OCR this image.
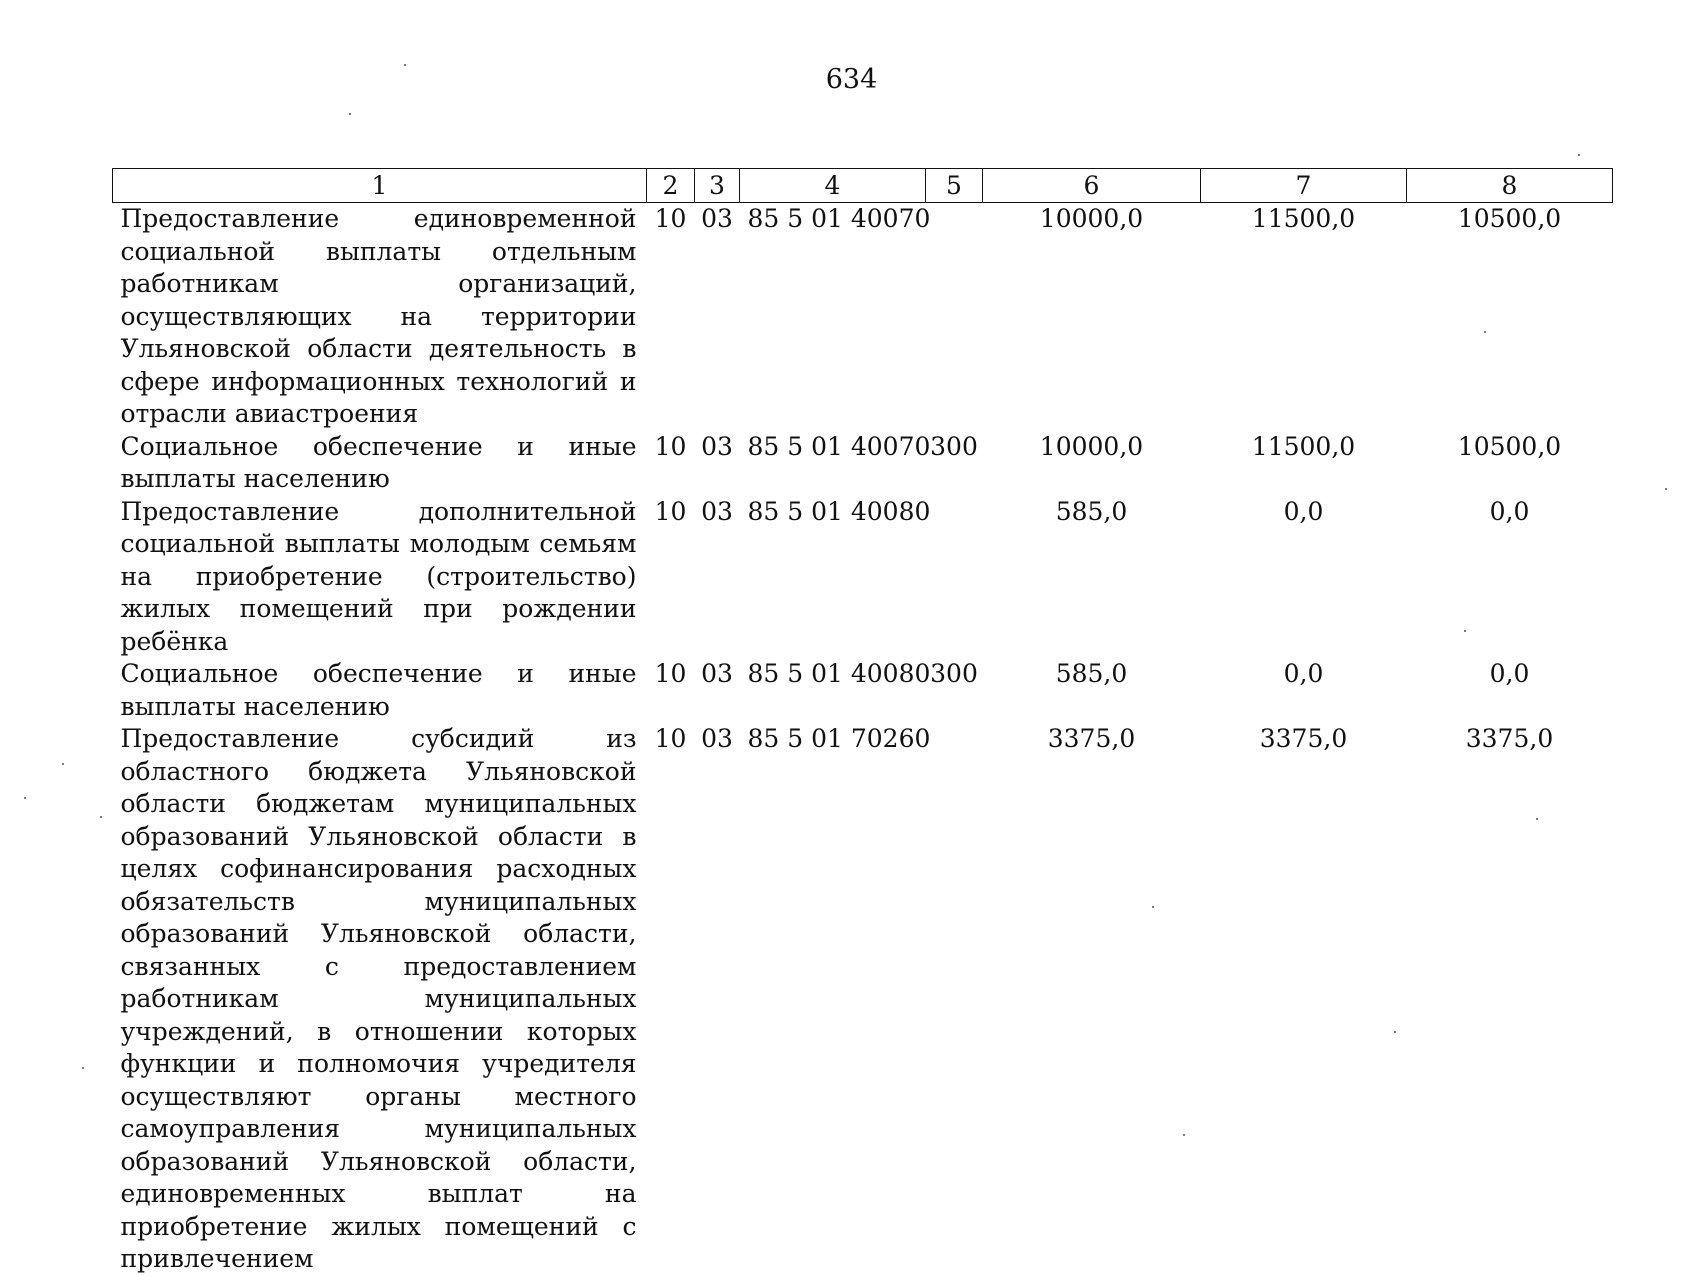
634
1	2	3	4	5	6	7	8
Предоставление единовременной социальной выплаты отдельным работникам организаций, осуществляющих на территории Ульяновской области деятельность в сфере информационных технологий и отрасли авиастроения	10	03	85 5 01 40070		10000,0	11500,0	10500,0
Социальное обеспечение и иные выплаты населению	10	03	85 5 01 40070	300	10000,0	11500,0	10500,0
Предоставление дополнительной социальной выплаты молодым семьям на приобретение (строительство) жилых помещений при рождении ребёнка	10	03	85 5 01 40080		585,0	0,0	0,0
Социальное обеспечение и иные выплаты населению	10	03	85 5 01 40080	300	585,0	0,0	0,0
Предоставление субсидий из областного бюджета Ульяновской области бюджетам муниципальных образований Ульяновской области в целях софинансирования расходных обязательств муниципальных образований Ульяновской области, связанных с предоставлением работникам муниципальных учреждений, в отношении которых функции и полномочия учредителя осуществляют органы местного самоуправления муниципальных образований Ульяновской области, единовременных выплат на приобретение жилых помещений с привлечением	10	03	85 5 01 70260		3375,0	3375,0	3375,0
